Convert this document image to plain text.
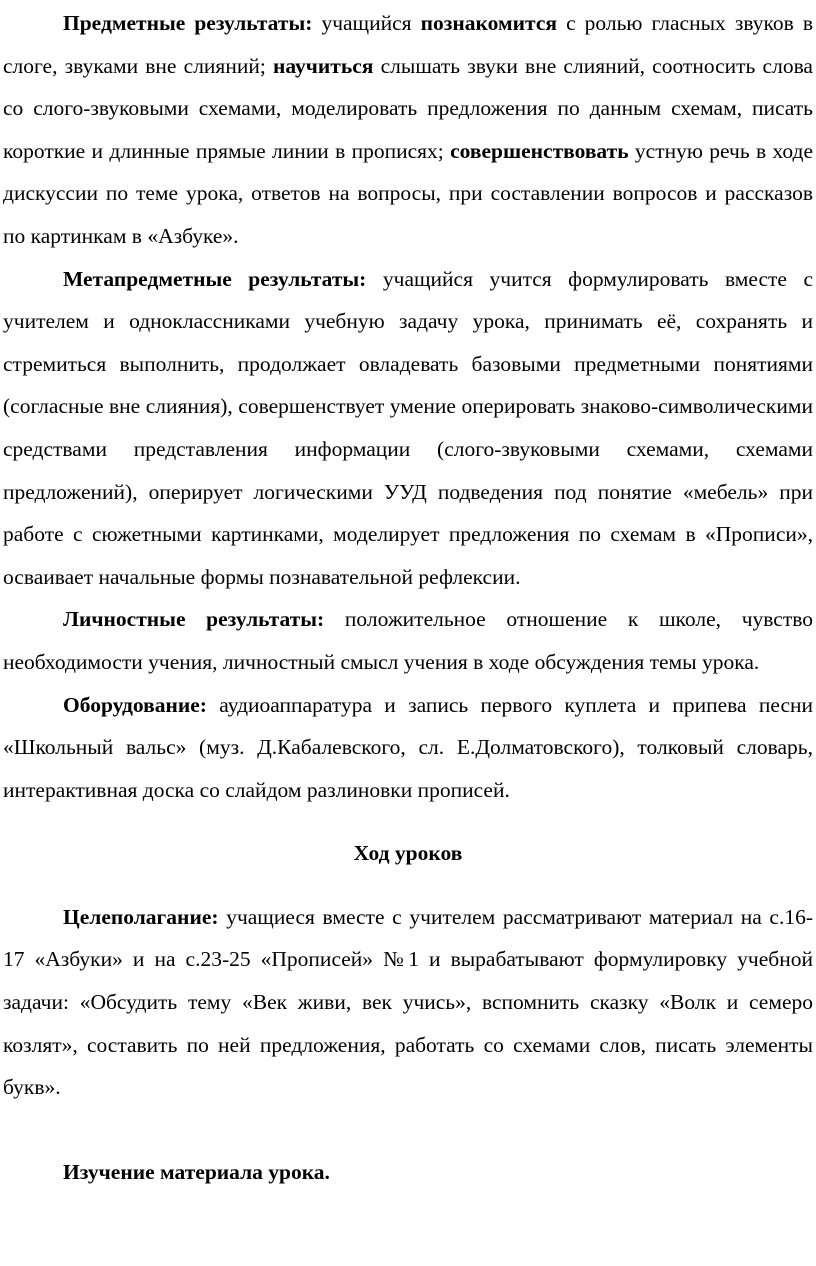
Предметные результаты: учащийся познакомится с ролью гласных звуков в слоге, звуками вне слияний; научиться слышать звуки вне слияний, соотносить слова со слого-звуковыми схемами, моделировать предложения по данным схемам, писать короткие и длинные прямые линии в прописях; совершенствовать устную речь в ходе дискуссии по теме урока, ответов на вопросы, при составлении вопросов и рассказов по картинкам в «Азбуке».

Метапредметные результаты: учащийся учится формулировать вместе с учителем и одноклассниками учебную задачу урока, принимать её, сохранять и стремиться выполнить, продолжает овладевать базовыми предметными понятиями (согласные вне слияния), совершенствует умение оперировать знаково-символическими средствами представления информации (слого-звуковыми схемами, схемами предложений), оперирует логическими УУД подведения под понятие «мебель» при работе с сюжетными картинками, моделирует предложения по схемам в «Прописи», осваивает начальные формы познавательной рефлексии.

Личностные результаты: положительное отношение к школе, чувство необходимости учения, личностный смысл учения в ходе обсуждения темы урока.

Оборудование: аудиоаппаратура и запись первого куплета и припева песни «Школьный вальс» (муз. Д.Кабалевского, сл. Е.Долматовского), толковый словарь, интерактивная доска со слайдом разлиновки прописей.

Ход уроков

Целеполагание: учащиеся вместе с учителем рассматривают материал на с.16-17 «Азбуки» и на с.23-25 «Прописей» №1 и вырабатывают формулировку учебной задачи: «Обсудить тему «Век живи, век учись», вспомнить сказку «Волк и семеро козлят», составить по ней предложения, работать со схемами слов, писать элементы букв».

Изучение материала урока.
